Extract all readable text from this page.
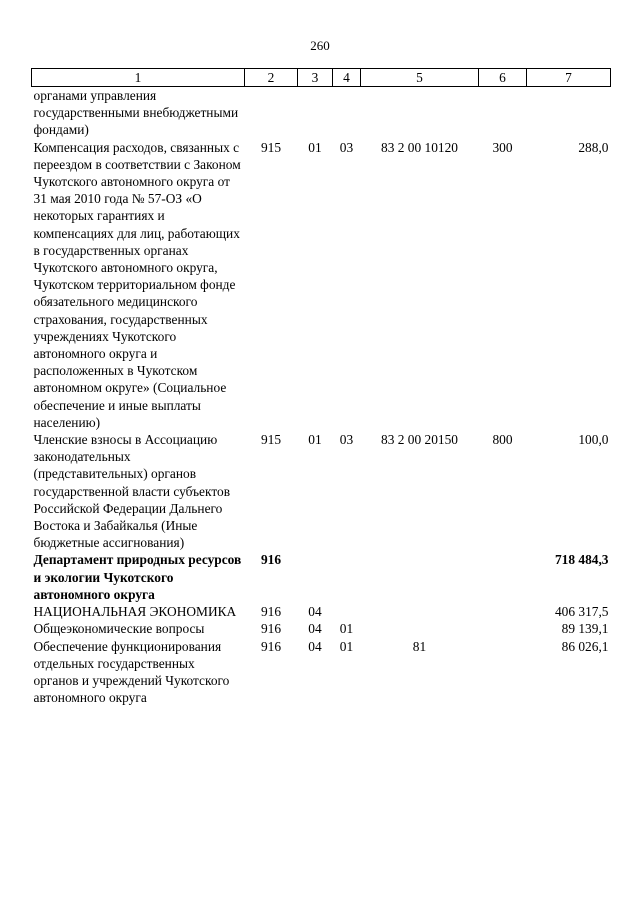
260
1	2	3	4	5	6	7
органами управления государственными внебюджетными фондами)						
Компенсация расходов, связанных с переездом в соответствии с Законом Чукотского автономного округа от 31 мая 2010 года № 57-ОЗ «О некоторых гарантиях и компенсациях для лиц, работающих в государственных органах Чукотского автономного округа, Чукотском территориальном фонде обязательного медицинского страхования, государственных учреждениях Чукотского автономного округа и расположенных в Чукотском автономном округе» (Социальное обеспечение и иные выплаты населению)	915	01	03	83 2 00 10120	300	288,0
Членские взносы в Ассоциацию законодательных (представительных) органов государственной власти субъектов Российской Федерации Дальнего Востока и Забайкалья (Иные бюджетные ассигнования)	915	01	03	83 2 00 20150	800	100,0
Департамент природных ресурсов и экологии Чукотского автономного округа	916					718 484,3
НАЦИОНАЛЬНАЯ ЭКОНОМИКА	916	04				406 317,5
Общеэкономические вопросы	916	04	01			89 139,1
Обеспечение функционирования отдельных государственных органов и учреждений Чукотского автономного округа	916	04	01	81		86 026,1
